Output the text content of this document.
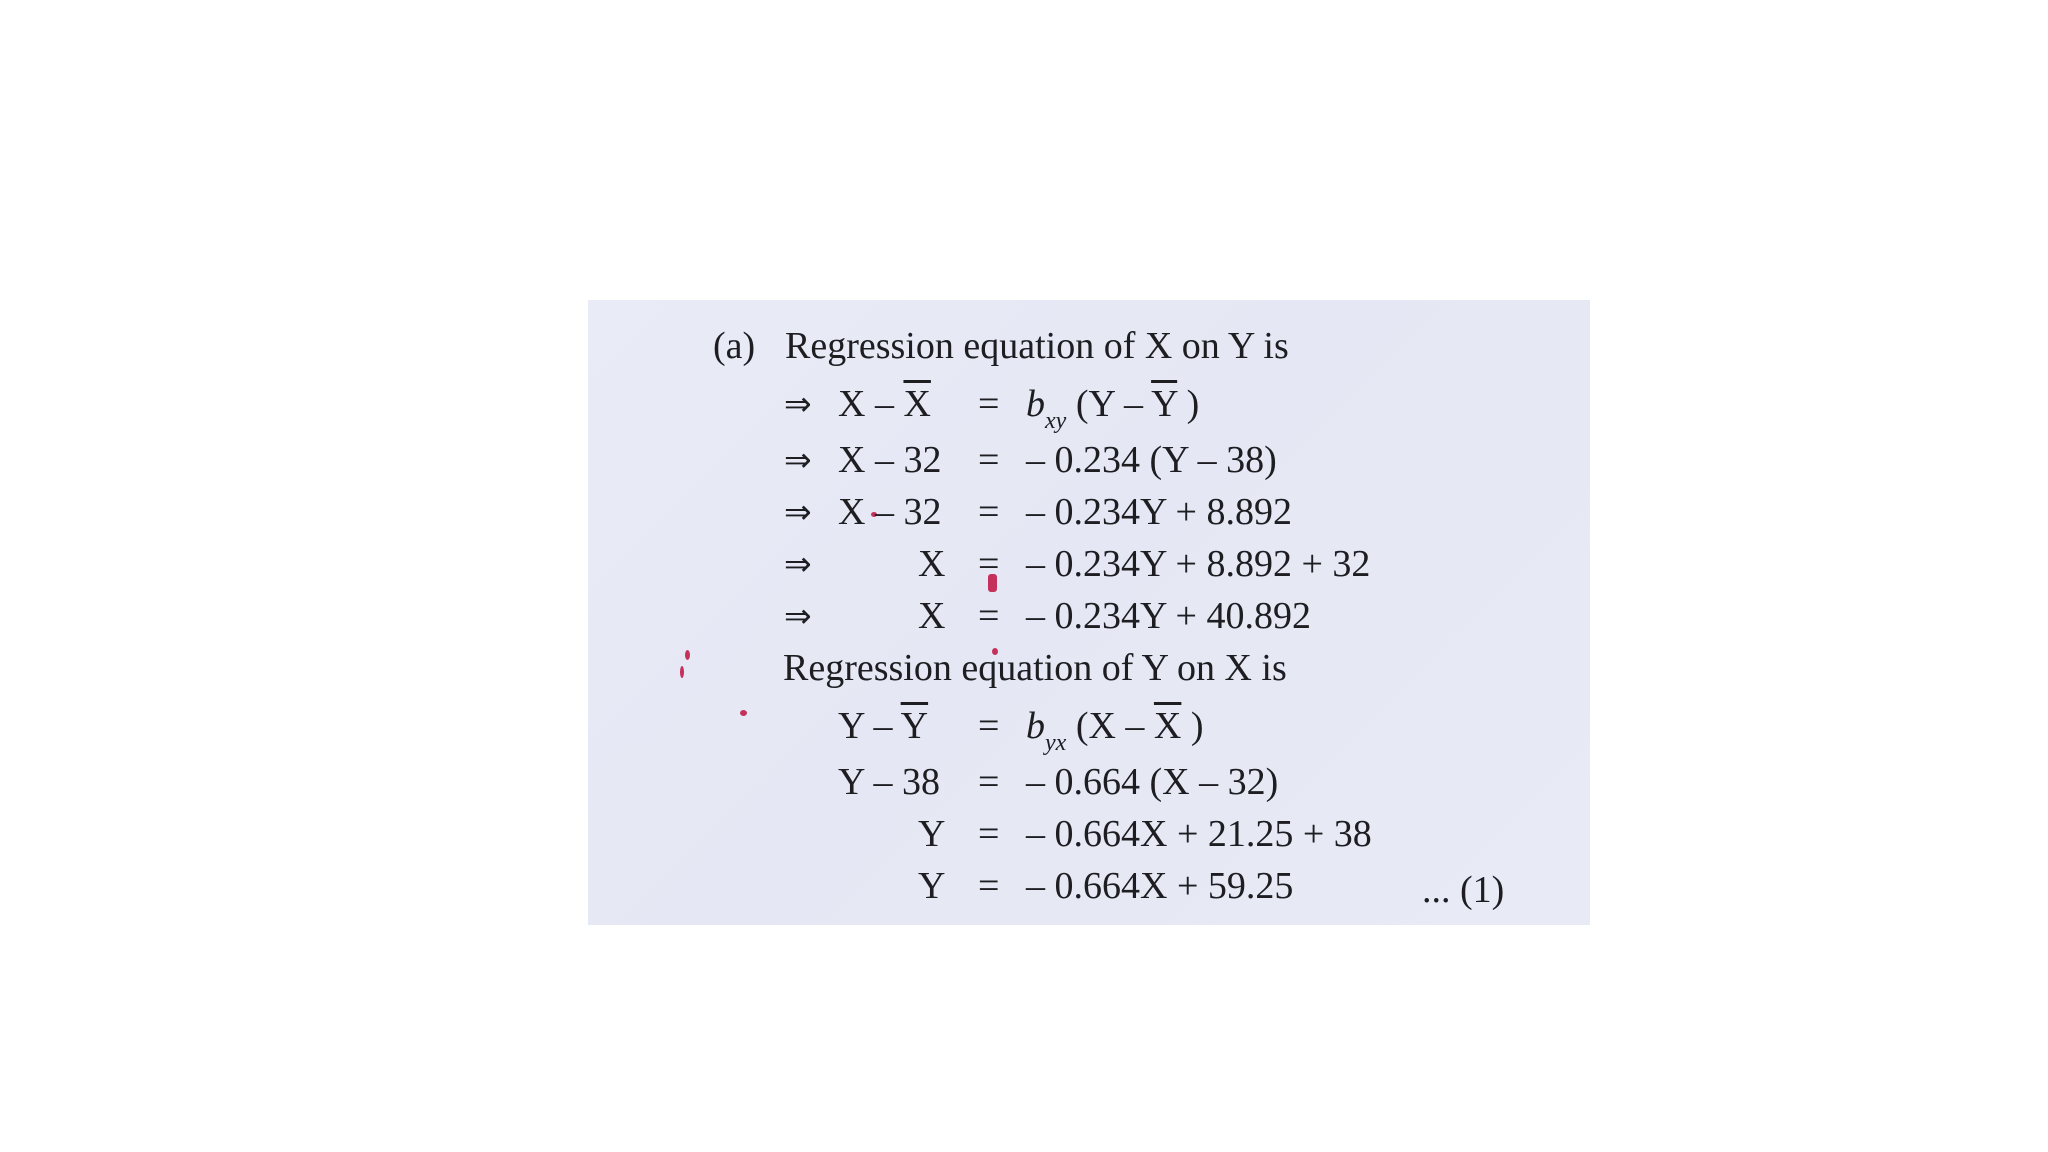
(a) Regression equation of X on Y is
⇒ $X - \overline{X} = b_{xy}$ ($Y - \overline{Y}$ )
⇒ X – 32 = – 0.234 (Y – 38)
⇒ X – 32 = – 0.234Y + 8.892
⇒	X = – 0.234Y + 8.892 + 32
⇒	X = – 0.234Y + 40.892
Regression equation of Y on X is
$Y - \overline{Y} = b_{yx}$ ($X - \overline{X}$ )
Y – 38 = – 0.664 (X – 32)
Y = – 0.664X + 21.25 + 38
Y = – 0.664X + 59.25	... (1)
